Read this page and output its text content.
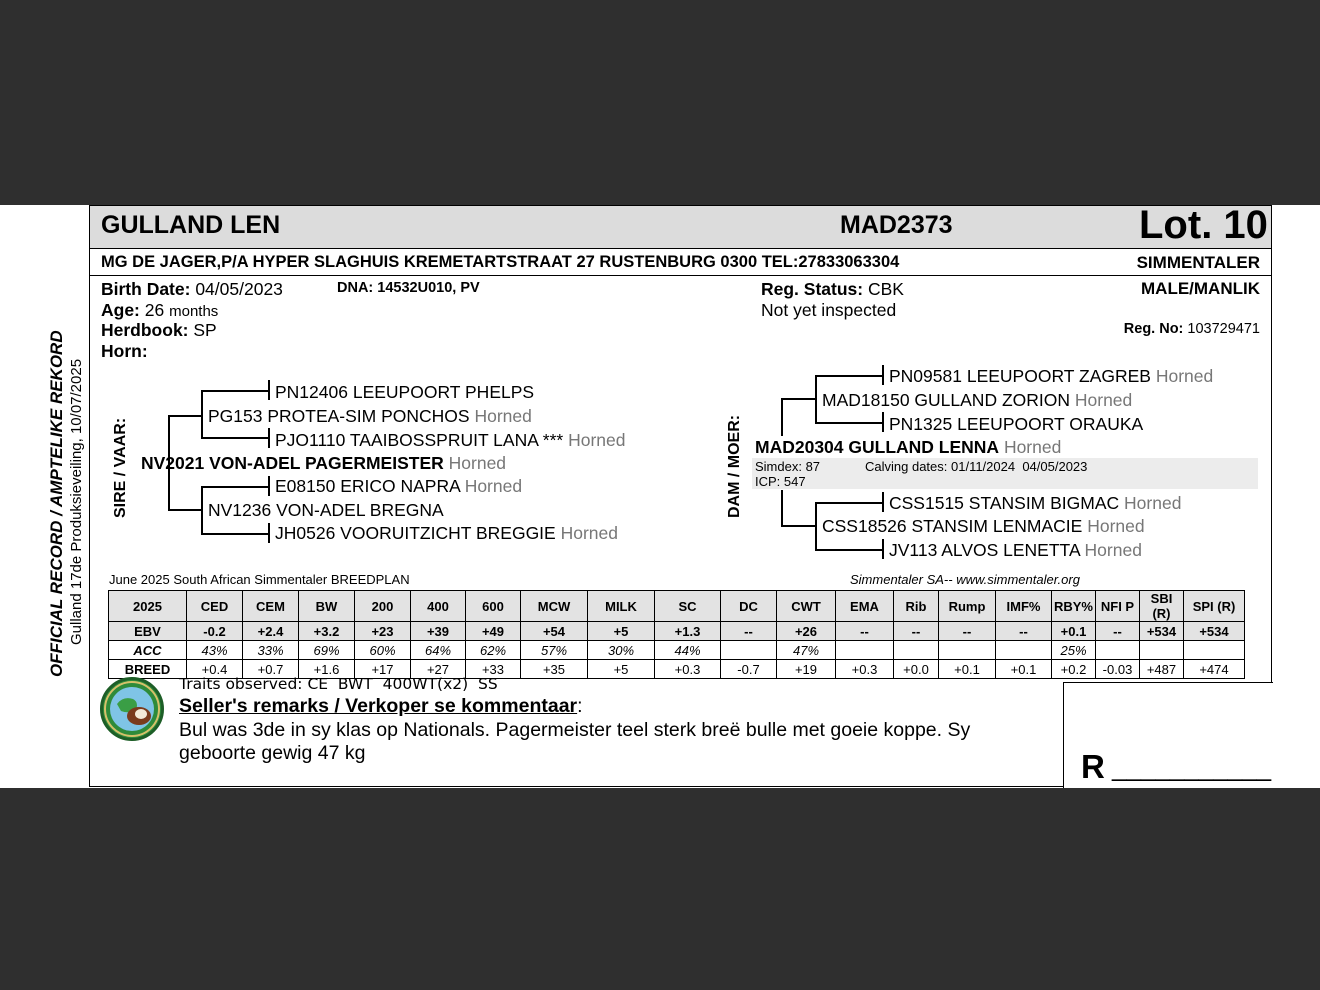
OFFICIAL RECORD / AMPTELIKE REKORD Gulland 17de Produksieveiling, 10/07/2025
GULLAND LEN	MAD2373	Lot. 10
MG DE JAGER,P/A HYPER SLAGHUIS KREMETARTSTRAAT 27 RUSTENBURG 0300 TEL:27833063304	SIMMENTALER
Birth Date: 04/05/2023	DNA: 14532U010, PV
Age: 26 months
Herdbook: SP
Horn:
Reg. Status: CBK
Not yet inspected
MALE/MANLIK
Reg. No: 103729471
SIRE / VAAR:
PN12406 LEEUPOORT PHELPS
PG153 PROTEA-SIM PONCHOS Horned
PJO1110 TAAIBOSSPRUIT LANA *** Horned
NV2021 VON-ADEL PAGERMEISTER Horned
E08150 ERICO NAPRA Horned
NV1236 VON-ADEL BREGNA
JH0526 VOORUITZICHT BREGGIE Horned
DAM / MOER:
PN09581 LEEUPOORT ZAGREB Horned
MAD18150 GULLAND ZORION Horned
PN1325 LEEUPOORT ORAUKA
MAD20304 GULLAND LENNA Horned
Simdex: 87
ICP: 547
Calving dates: 01/11/2024  04/05/2023
CSS1515 STANSIM BIGMAC Horned
CSS18526 STANSIM LENMACIE Horned
JV113 ALVOS LENETTA Horned
June 2025 South African Simmentaler BREEDPLAN	Simmentaler SA-- www.simmentaler.org
2025	CED	CEM	BW	200	400	600	MCW	MILK	SC	DC	CWT	EMA	Rib	Rump	IMF%	RBY%	NFI P	SBI (R)	SPI (R)
EBV	-0.2	+2.4	+3.2	+23	+39	+49	+54	+5	+1.3	--	+26	--	--	--	--	+0.1	--	+534	+534
ACC	43%	33%	69%	60%	64%	62%	57%	30%	44%		47%					25%			
BREED	+0.4	+0.7	+1.6	+17	+27	+33	+35	+5	+0.3	-0.7	+19	+0.3	+0.0	+0.1	+0.1	+0.2	-0.03	+487	+474
R ___________
Traits observed: CE  BWT  400WT(x2)  SS
Seller's remarks / Verkoper se kommentaar:
Bul was 3de in sy klas op Nationals. Pagermeister teel sterk breë bulle met goeie koppe. Sy
geboorte gewig 47 kg
